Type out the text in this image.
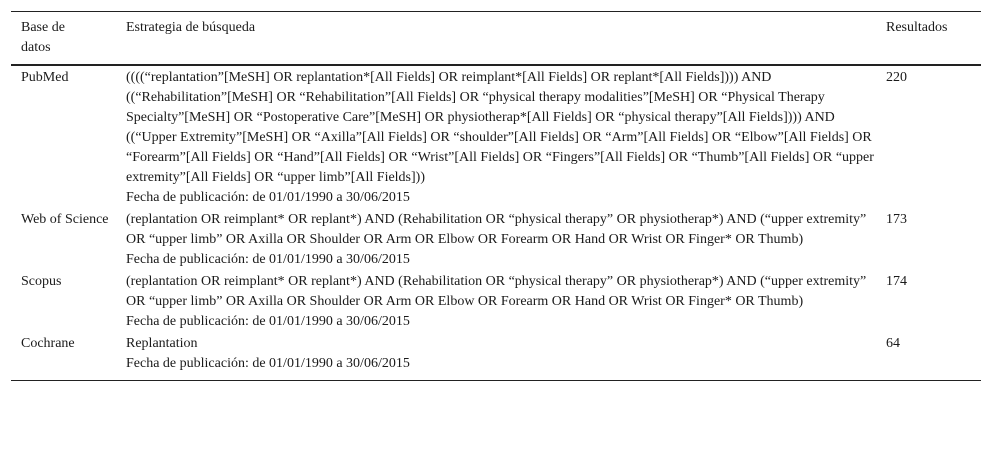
Base de datos	Estrategia de búsqueda	Resultados
PubMed	((((“replantation”[MeSH] OR replantation*[All Fields] OR reimplant*[All Fields] OR replant*[All Fields]))) AND ((“Rehabilitation”[MeSH] OR “Rehabilitation”[All Fields] OR “physical therapy modalities”[MeSH] OR “Physical Therapy Specialty”[MeSH] OR “Postoperative Care”[MeSH] OR physiotherap*[All Fields] OR “physical therapy”[All Fields]))) AND ((“Upper Extremity”[MeSH] OR “Axilla”[All Fields] OR “shoulder”[All Fields] OR “Arm”[All Fields] OR “Elbow”[All Fields] OR “Forearm”[All Fields] OR “Hand”[All Fields] OR “Wrist”[All Fields] OR “Fingers”[All Fields] OR “Thumb”[All Fields] OR “upper extremity”[All Fields] OR “upper limb”[All Fields]))
Fecha de publicación: de 01/01/1990 a 30/06/2015	220
Web of Science	(replantation OR reimplant* OR replant*) AND (Rehabilitation OR “physical therapy” OR physiotherap*) AND (“upper extremity” OR “upper limb” OR Axilla OR Shoulder OR Arm OR Elbow OR Forearm OR Hand OR Wrist OR Finger* OR Thumb)
Fecha de publicación: de 01/01/1990 a 30/06/2015	173
Scopus	(replantation OR reimplant* OR replant*) AND (Rehabilitation OR “physical therapy” OR physiotherap*) AND (“upper extremity” OR “upper limb” OR Axilla OR Shoulder OR Arm OR Elbow OR Forearm OR Hand OR Wrist OR Finger* OR Thumb)
Fecha de publicación: de 01/01/1990 a 30/06/2015	174
Cochrane	Replantation
Fecha de publicación: de 01/01/1990 a 30/06/2015	64
